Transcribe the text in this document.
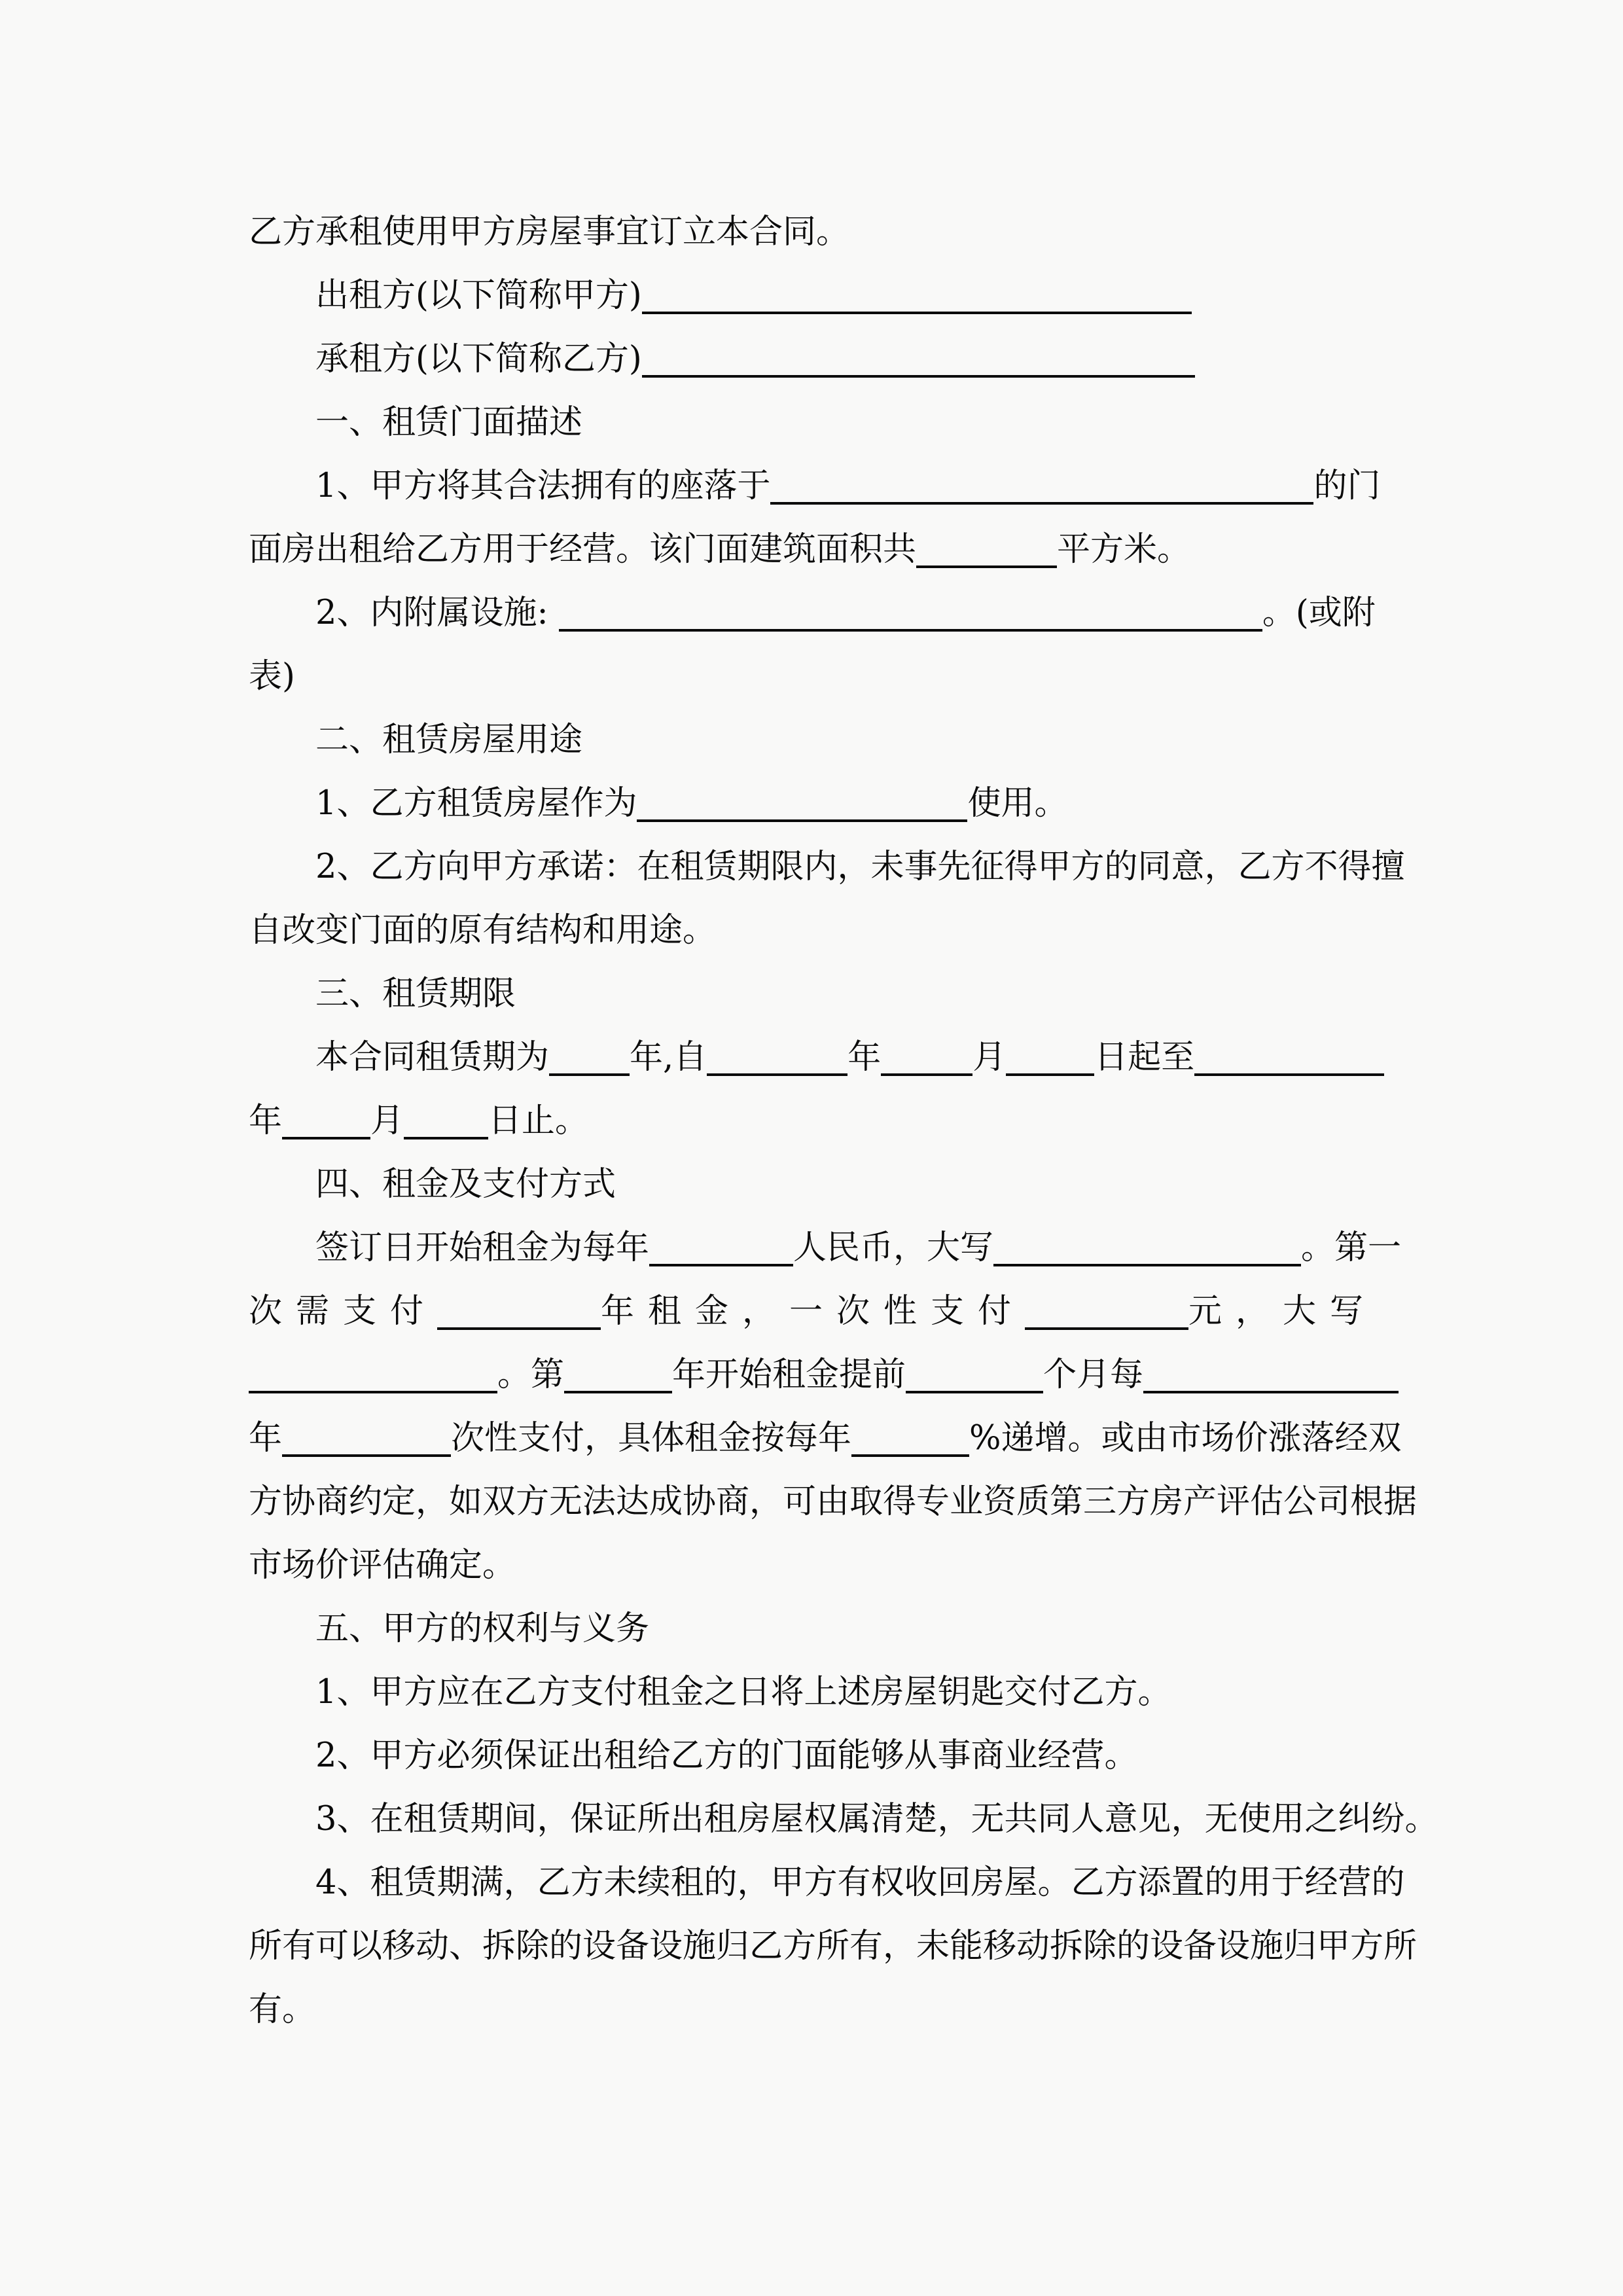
乙方承租使用甲方房屋事宜订立本合同。
出租方(以下简称甲方)
承租方(以下简称乙方)
一、租赁门面描述
1、甲方将其合法拥有的座落于	的门
面房出租给乙方用于经营。该门面建筑面积共	平方米。
2、内附属设施:	。(或附
表)
二、租赁房屋用途
1、乙方租赁房屋作为	使用。
2、乙方向甲方承诺：在租赁期限内，未事先征得甲方的同意，乙方不得擅
自改变门面的原有结构和用途。
三、租赁期限
本合同租赁期为 年,自	年	月	日起至
年	月	日止。
四、租金及支付方式
签订日开始租金为每年	人民币，大写	。第一
次需支付	年租金，一次性支付	元，大写
。第	年开始租金提前	个月每
年	次性支付，具体租金按每年	%递增。或由市场价涨落经双
方协商约定，如双方无法达成协商，可由取得专业资质第三方房产评估公司根据
市场价评估确定。
五、甲方的权利与义务
1、甲方应在乙方支付租金之日将上述房屋钥匙交付乙方。
2、甲方必须保证出租给乙方的门面能够从事商业经营。
3、在租赁期间，保证所出租房屋权属清楚，无共同人意见，无使用之纠纷。
4、租赁期满，乙方未续租的，甲方有权收回房屋。乙方添置的用于经营的
所有可以移动、拆除的设备设施归乙方所有，未能移动拆除的设备设施归甲方所
有。
